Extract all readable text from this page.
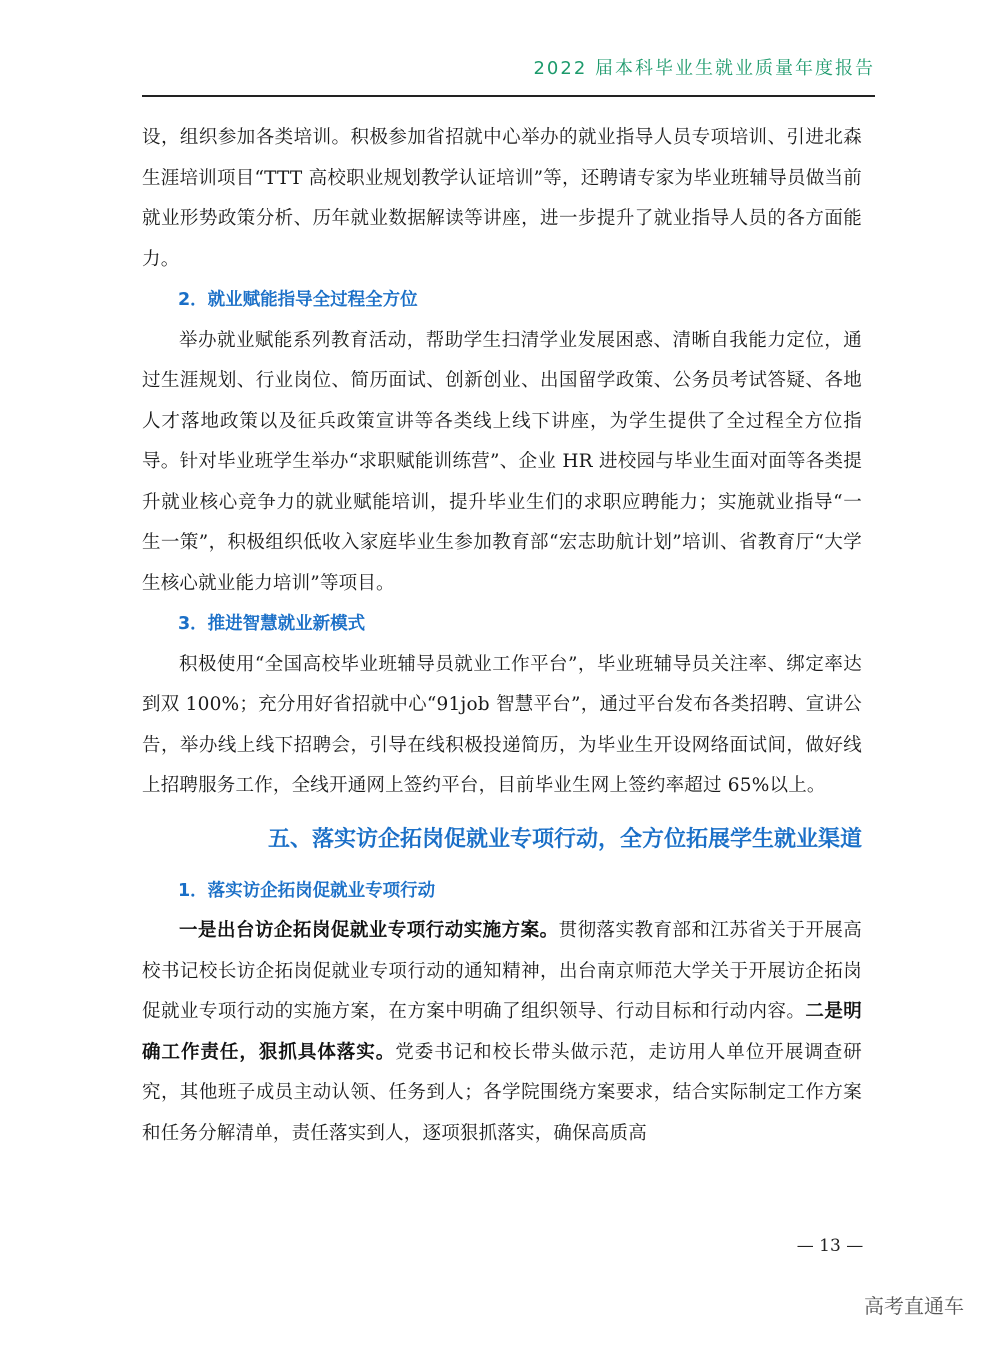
2022 届本科毕业生就业质量年度报告

设，组织参加各类培训。积极参加省招就中心举办的就业指导人员专项培训、引进北森生涯培训项目“TTT 高校职业规划教学认证培训”等，还聘请专家为毕业班辅导员做当前就业形势政策分析、历年就业数据解读等讲座，进一步提升了就业指导人员的各方面能力。

2．就业赋能指导全过程全方位

举办就业赋能系列教育活动，帮助学生扫清学业发展困惑、清晰自我能力定位，通过生涯规划、行业岗位、简历面试、创新创业、出国留学政策、公务员考试答疑、各地人才落地政策以及征兵政策宣讲等各类线上线下讲座，为学生提供了全过程全方位指导。针对毕业班学生举办“求职赋能训练营”、企业 HR 进校园与毕业生面对面等各类提升就业核心竞争力的就业赋能培训，提升毕业生们的求职应聘能力；实施就业指导“一生一策”，积极组织低收入家庭毕业生参加教育部“宏志助航计划”培训、省教育厅“大学生核心就业能力培训”等项目。

3．推进智慧就业新模式

积极使用“全国高校毕业班辅导员就业工作平台”，毕业班辅导员关注率、绑定率达到双 100%；充分用好省招就中心“91job 智慧平台”，通过平台发布各类招聘、宣讲公告，举办线上线下招聘会，引导在线积极投递简历，为毕业生开设网络面试间，做好线上招聘服务工作，全线开通网上签约平台，目前毕业生网上签约率超过 65%以上。

五、落实访企拓岗促就业专项行动，全方位拓展学生就业渠道

1．落实访企拓岗促就业专项行动

一是出台访企拓岗促就业专项行动实施方案。贯彻落实教育部和江苏省关于开展高校书记校长访企拓岗促就业专项行动的通知精神，出台南京师范大学关于开展访企拓岗促就业专项行动的实施方案，在方案中明确了组织领导、行动目标和行动内容。二是明确工作责任，狠抓具体落实。党委书记和校长带头做示范，走访用人单位开展调查研究，其他班子成员主动认领、任务到人；各学院围绕方案要求，结合实际制定工作方案和任务分解清单，责任落实到人，逐项狠抓落实，确保高质高

— 13 —
高考直通车
